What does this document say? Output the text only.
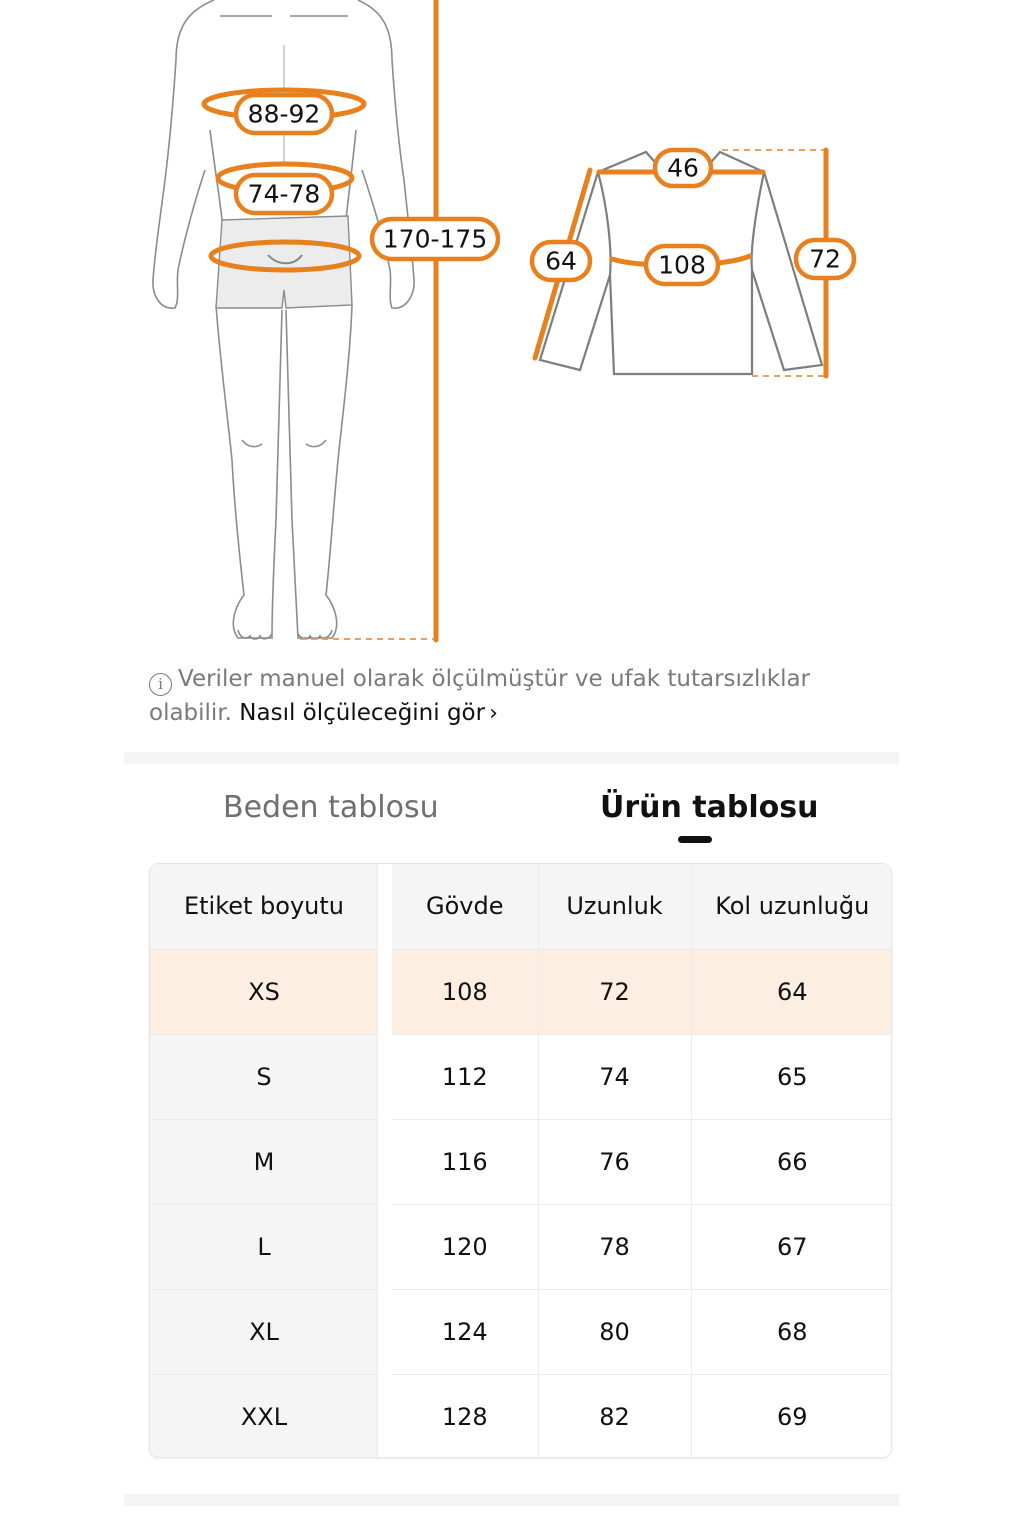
88-92
74-78
170-175
46
108
64	72
i Veriler manuel olarak ölçülmüştür ve ufak tutarsızlıklar olabilir. Nasıl ölçüleceğini gör ›
Beden tablosu	Ürün tablosu
Etiket boyutu	Gövde	Uzunluk	Kol uzunluğu
XS	108	72	64
S	112	74	65
M	116	76	66
L	120	78	67
XL	124	80	68
XXL	128	82	69
